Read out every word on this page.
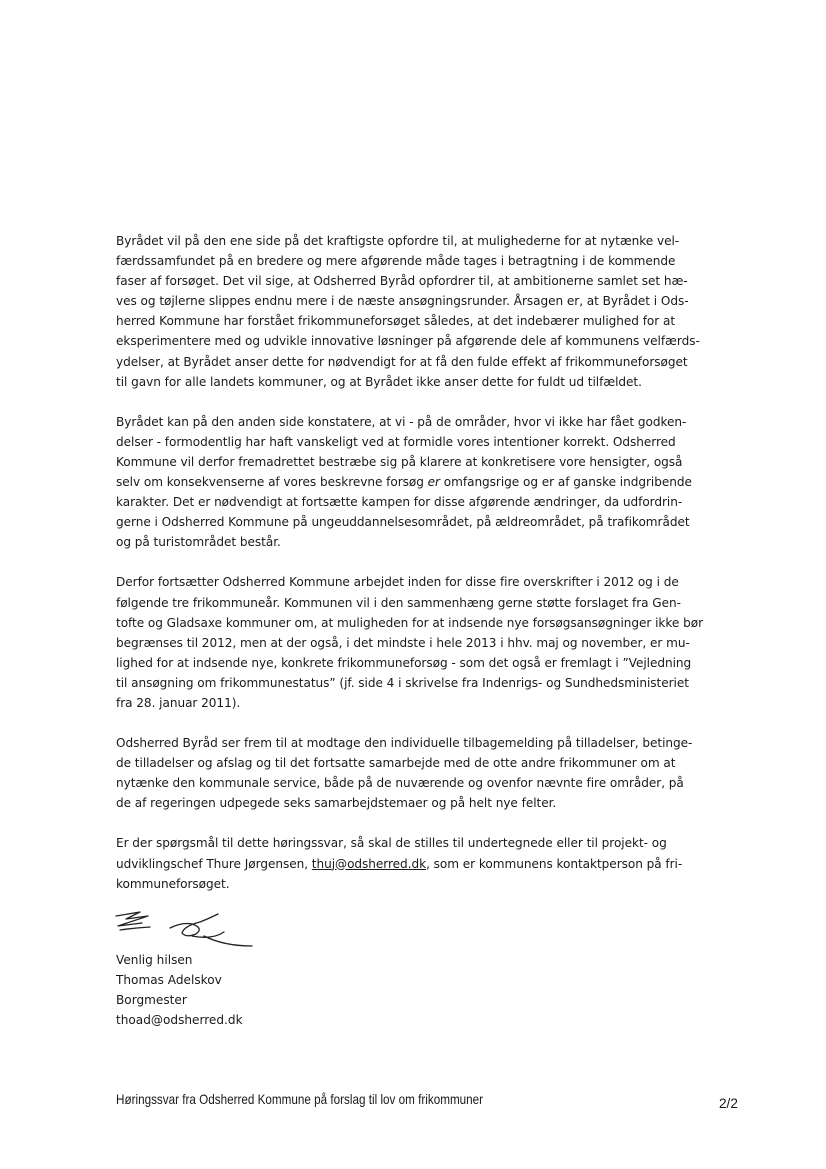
Byrådet vil på den ene side på det kraftigste opfordre til, at mulighederne for at nytænke vel-
færdssamfundet på en bredere og mere afgørende måde tages i betragtning i de kommende
faser af forsøget. Det vil sige, at Odsherred Byråd opfordrer til, at ambitionerne samlet set hæ-
ves og tøjlerne slippes endnu mere i de næste ansøgningsrunder. Årsagen er, at Byrådet i Ods-
herred Kommune har forstået frikommuneforsøget således, at det indebærer mulighed for at
eksperimentere med og udvikle innovative løsninger på afgørende dele af kommunens velfærds-
ydelser, at Byrådet anser dette for nødvendigt for at få den fulde effekt af frikommuneforsøget
til gavn for alle landets kommuner, og at Byrådet ikke anser dette for fuldt ud tilfældet.

Byrådet kan på den anden side konstatere, at vi - på de områder, hvor vi ikke har fået godken-
delser - formodentlig har haft vanskeligt ved at formidle vores intentioner korrekt. Odsherred
Kommune vil derfor fremadrettet bestræbe sig på klarere at konkretisere vore hensigter, også
selv om konsekvenserne af vores beskrevne forsøg er omfangsrige og er af ganske indgribende
karakter. Det er nødvendigt at fortsætte kampen for disse afgørende ændringer, da udfordrin-
gerne i Odsherred Kommune på ungeuddannelsesområdet, på ældreområdet, på trafikområdet
og på turistområdet består.

Derfor fortsætter Odsherred Kommune arbejdet inden for disse fire overskrifter i 2012 og i de
følgende tre frikommuneår. Kommunen vil i den sammenhæng gerne støtte forslaget fra Gen-
tofte og Gladsaxe kommuner om, at muligheden for at indsende nye forsøgsansøgninger ikke bør
begrænses til 2012, men at der også, i det mindste i hele 2013 i hhv. maj og november, er mu-
lighed for at indsende nye, konkrete frikommuneforsøg - som det også er fremlagt i ”Vejledning
til ansøgning om frikommunestatus” (jf. side 4 i skrivelse fra Indenrigs- og Sundhedsministeriet
fra 28. januar 2011).

Odsherred Byråd ser frem til at modtage den individuelle tilbagemelding på tilladelser, betinge-
de tilladelser og afslag og til det fortsatte samarbejde med de otte andre frikommuner om at
nytænke den kommunale service, både på de nuværende og ovenfor nævnte fire områder, på
de af regeringen udpegede seks samarbejdstemaer og på helt nye felter.

Er der spørgsmål til dette høringssvar, så skal de stilles til undertegnede eller til projekt- og
udviklingschef Thure Jørgensen, thuj@odsherred.dk, som er kommunens kontaktperson på fri-
kommuneforsøget.

Venlig hilsen
Thomas Adelskov
Borgmester
thoad@odsherred.dk
Høringssvar fra Odsherred Kommune på forslag til lov om frikommuner	2/2
